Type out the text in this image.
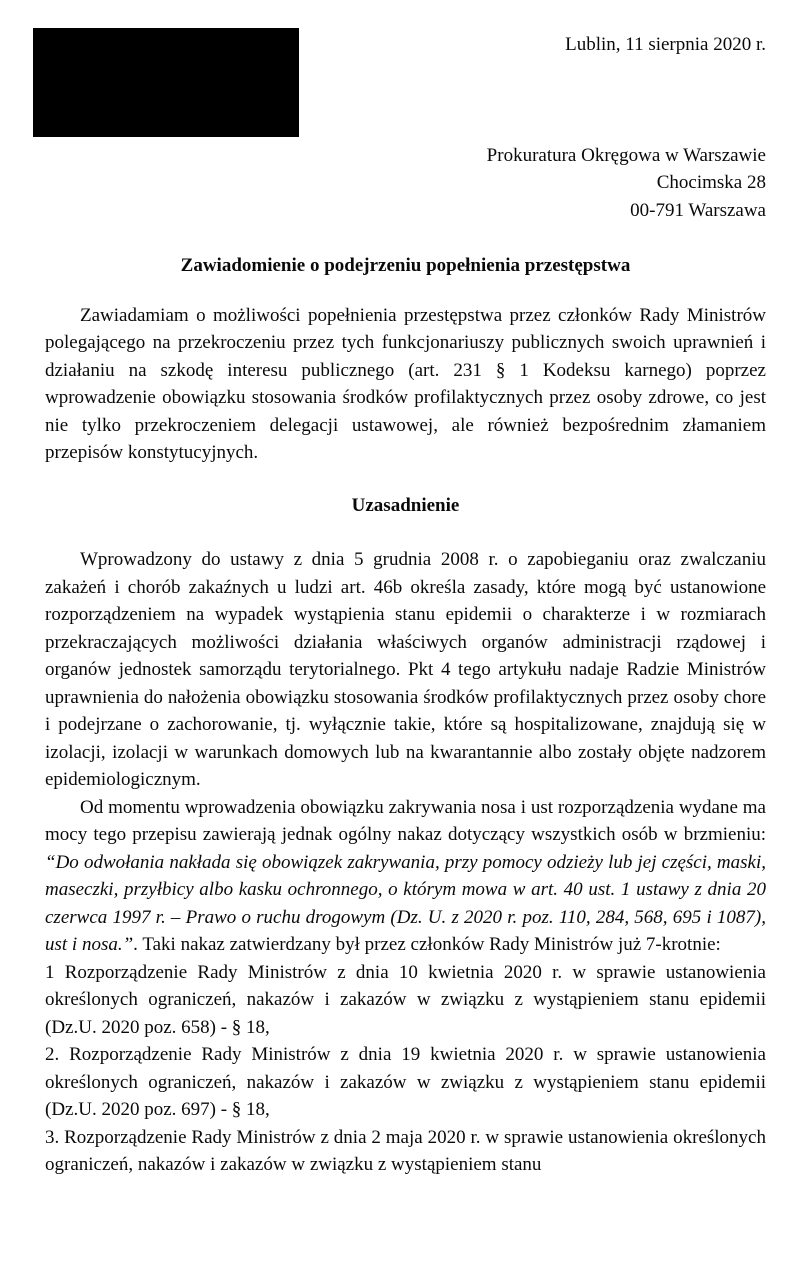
Lublin, 11 sierpnia 2020 r.
Prokuratura Okręgowa w Warszawie
Chocimska 28
00-791 Warszawa
Zawiadomienie o podejrzeniu popełnienia przestępstwa

Zawiadamiam o możliwości popełnienia przestępstwa przez członków Rady Ministrów polegającego na przekroczeniu przez tych funkcjonariuszy publicznych swoich uprawnień i działaniu na szkodę interesu publicznego (art. 231 § 1 Kodeksu karnego) poprzez wprowadzenie obowiązku stosowania środków profilaktycznych przez osoby zdrowe, co jest nie tylko przekroczeniem delegacji ustawowej, ale również bezpośrednim złamaniem przepisów konstytucyjnych.

Uzasadnienie

Wprowadzony do ustawy z dnia 5 grudnia 2008 r. o zapobieganiu oraz zwalczaniu zakażeń i chorób zakaźnych u ludzi art. 46b określa zasady, które mogą być ustanowione rozporządzeniem na wypadek wystąpienia stanu epidemii o charakterze i w rozmiarach przekraczających możliwości działania właściwych organów administracji rządowej i organów jednostek samorządu terytorialnego. Pkt 4 tego artykułu nadaje Radzie Ministrów uprawnienia do nałożenia obowiązku stosowania środków profilaktycznych przez osoby chore i podejrzane o zachorowanie, tj. wyłącznie takie, które są hospitalizowane, znajdują się w izolacji, izolacji w warunkach domowych lub na kwarantannie albo zostały objęte nadzorem epidemiologicznym.

Od momentu wprowadzenia obowiązku zakrywania nosa i ust rozporządzenia wydane ma mocy tego przepisu zawierają jednak ogólny nakaz dotyczący wszystkich osób w brzmieniu: “Do odwołania nakłada się obowiązek zakrywania, przy pomocy odzieży lub jej części, maski, maseczki, przyłbicy albo kasku ochronnego, o którym mowa w art. 40 ust. 1 ustawy z dnia 20 czerwca 1997 r. – Prawo o ruchu drogowym (Dz. U. z 2020 r. poz. 110, 284, 568, 695 i 1087), ust i nosa.”. Taki nakaz zatwierdzany był przez członków Rady Ministrów już 7-krotnie:

1 Rozporządzenie Rady Ministrów z dnia 10 kwietnia 2020 r. w sprawie ustanowienia określonych ograniczeń, nakazów i zakazów w związku z wystąpieniem stanu epidemii (Dz.U. 2020 poz. 658) - § 18,

2. Rozporządzenie Rady Ministrów z dnia 19 kwietnia 2020 r. w sprawie ustanowienia określonych ograniczeń, nakazów i zakazów w związku z wystąpieniem stanu epidemii (Dz.U. 2020 poz. 697) - § 18,

3. Rozporządzenie Rady Ministrów z dnia 2 maja 2020 r. w sprawie ustanowienia określonych ograniczeń, nakazów i zakazów w związku z wystąpieniem stanu
